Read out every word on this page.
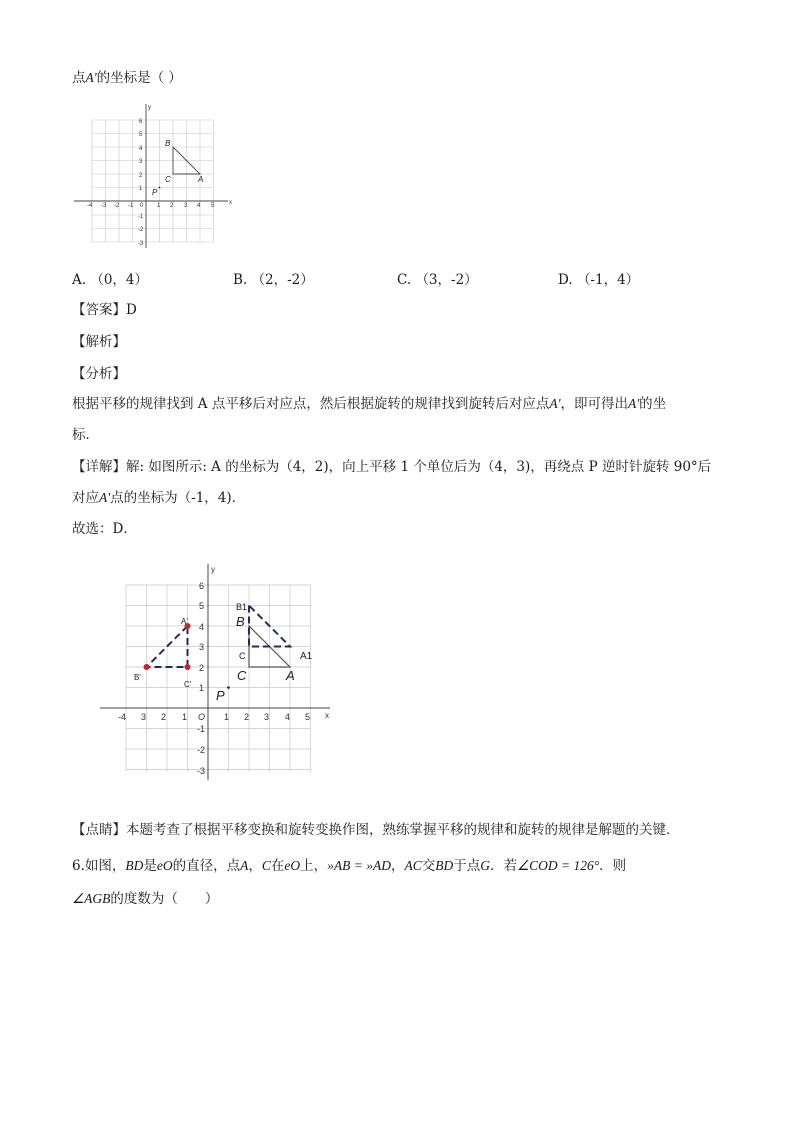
点A'的坐标是（ ）
x
y
-4 -3 -2 -1 0 1 2 3 4 5
6
5
4
3
2
1
-1
-2
-3
B
C	A
P
A. （0，4）	B. （2，-2）	C. （3，-2）	D. （-1，4）
【答案】D
【解析】
【分析】
根据平移的规律找到 A 点平移后对应点，然后根据旋转的规律找到旋转后对应点A'，即可得出A'的坐
标．
【详解】解: 如图所示: A 的坐标为（4，2)，向上平移 1 个单位后为（4，3)，再绕点 P 逆时针旋转 90°后
对应A'点的坐标为（-1，4)．
故选：D．
x
y
-4 3 2 1 O 1 2 3 4 5
6
5
4
3
2
1
-1
-2
-3
B1
B
C
C	A
A1
A'
B'
C'
P
【点睛】本题考查了根据平移变换和旋转变换作图，熟练掌握平移的规律和旋转的规律是解题的关键．
6.如图，BD是eO的直径，点A，C在eO上，»AB = »AD，AC交BD于点G．若∠COD = 126°．则
∠AGB的度数为（　　）
